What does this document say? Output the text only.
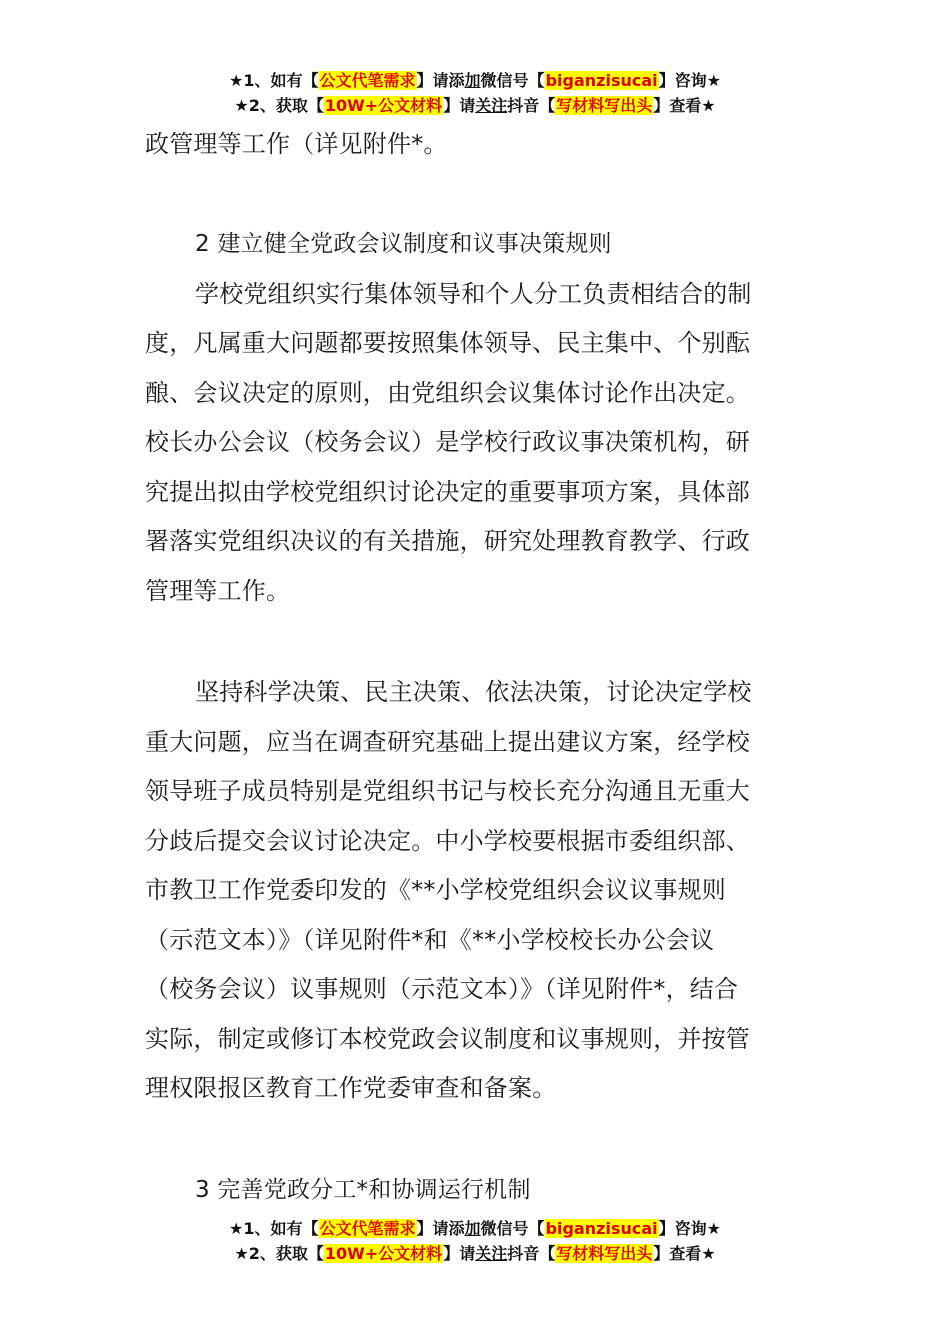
★1、如有【公文代笔需求】请添加微信号【biganzisucai】咨询★
★2、获取【10W+公文材料】请关注抖音【写材料写出头】查看★

政管理等工作（详见附件*。

2 建立健全党政会议制度和议事决策规则

学校党组织实行集体领导和个人分工负责相结合的制

度，凡属重大问题都要按照集体领导、民主集中、个别酝

酿、会议决定的原则，由党组织会议集体讨论作出决定。

校长办公会议（校务会议）是学校行政议事决策机构，研

究提出拟由学校党组织讨论决定的重要事项方案，具体部

署落实党组织决议的有关措施，研究处理教育教学、行政

管理等工作。

坚持科学决策、民主决策、依法决策，讨论决定学校

重大问题，应当在调查研究基础上提出建议方案，经学校

领导班子成员特别是党组织书记与校长充分沟通且无重大

分歧后提交会议讨论决定。中小学校要根据市委组织部、

市教卫工作党委印发的《**小学校党组织会议议事规则

（示范文本）》（详见附件*和《**小学校校长办公会议

（校务会议）议事规则（示范文本）》（详见附件*，结合

实际，制定或修订本校党政会议制度和议事规则，并按管

理权限报区教育工作党委审查和备案。

3 完善党政分工*和协调运行机制

★1、如有【公文代笔需求】请添加微信号【biganzisucai】咨询★
★2、获取【10W+公文材料】请关注抖音【写材料写出头】查看★
